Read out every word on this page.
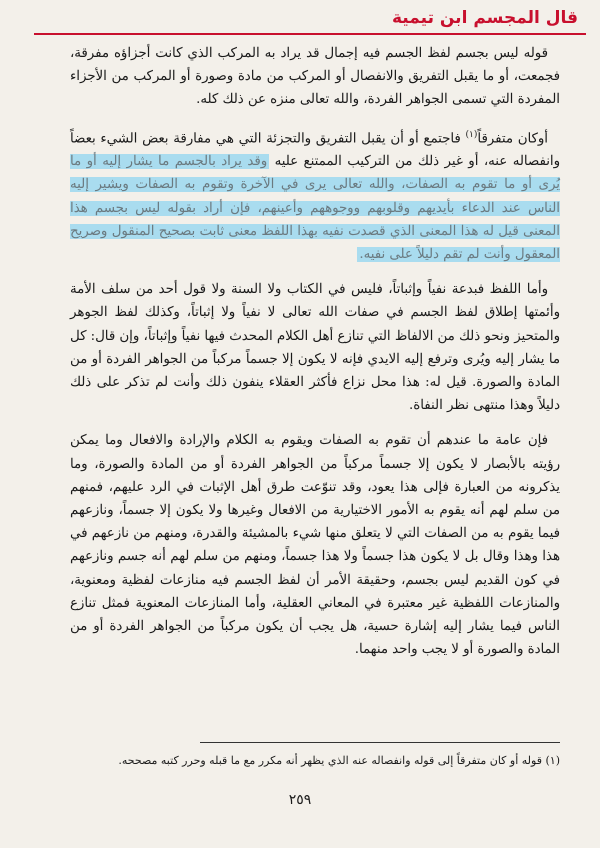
قال المجسم ابن تيمية

قوله ليس بجسم لفظ الجسم فيه إجمال قد يراد به المركب الذي كانت أجزاؤه مفرقة، فجمعت، أو ما يقبل التفريق والانفصال أو المركب من مادة وصورة أو المركب من الأجزاء المفردة التي تسمى الجواهر الفردة، والله تعالى منزه عن ذلك كله.

أوكان متفرقاً$^{(١)}$ فاجتمع أو أن يقبل التفريق والتجزئة التي هي مفارقة بعض الشيء بعضاً وانفصاله عنه، أو غير ذلك من التركيب الممتنع عليه وقد يراد بالجسم ما يشار إليه أو ما يُرى أو ما تقوم به الصفات، والله تعالى يرى في الآخرة وتقوم به الصفات ويشير إليه الناس عند الدعاء بأيديهم وقلوبهم ووجوههم وأعينهم، فإن أراد بقوله ليس بجسم هذا المعنى قيل له هذا المعنى الذي قصدت نفيه بهذا اللفظ معنى ثابت بصحيح المنقول وصريح المعقول وأنت لم تقم دليلاً على نفيه.

وأما اللفظ فبدعة نفياً وإثباتاً، فليس في الكتاب ولا السنة ولا قول أحد من سلف الأمة وأئمتها إطلاق لفظ الجسم في صفات الله تعالى لا نفياً ولا إثباتاً، وكذلك لفظ الجوهر والمتحيز ونحو ذلك من الالفاظ التي تنازع أهل الكلام المحدث فيها نفياً وإثباتاً، وإن قال: كل ما يشار إليه ويُرى وترفع إليه الايدي فإنه لا يكون إلا جسماً مركباً من الجواهر الفردة أو من المادة والصورة. قيل له: هذا محل نزاع فأكثر العقلاء ينفون ذلك وأنت لم تذكر على ذلك دليلاً وهذا منتهى نظر النفاة.

فإن عامة ما عندهم أن تقوم به الصفات ويقوم به الكلام والإرادة والافعال وما يمكن رؤيته بالأبصار لا يكون إلا جسماً مركباً من الجواهر الفردة أو من المادة والصورة، وما يذكرونه من العبارة فإلى هذا يعود، وقد تنوّعت طرق أهل الإثبات في الرد عليهم، فمنهم من سلم لهم أنه يقوم به الأمور الاختيارية من الافعال وغيرها ولا يكون إلا جسماً، ونازعهم فيما يقوم به من الصفات التي لا يتعلق منها شيء بالمشيئة والقدرة، ومنهم من نازعهم في هذا وهذا وقال بل لا يكون هذا جسماً ولا هذا جسماً، ومنهم من سلم لهم أنه جسم ونازعهم في كون القديم ليس بجسم، وحقيقة الأمر أن لفظ الجسم فيه منازعات لفظية ومعنوية، والمنازعات اللفظية غير معتبرة في المعاني العقلية، وأما المنازعات المعنوية فمثل تنازع الناس فيما يشار إليه إشارة حسية، هل يجب أن يكون مركباً من الجواهر الفردة أو من المادة والصورة أو لا يجب واحد منهما.

(١) قوله أو كان متفرقاً إلى قوله وانفصاله عنه الذي يظهر أنه مكرر مع ما قبله وحرر كتبه مصححه.
٢٥٩
